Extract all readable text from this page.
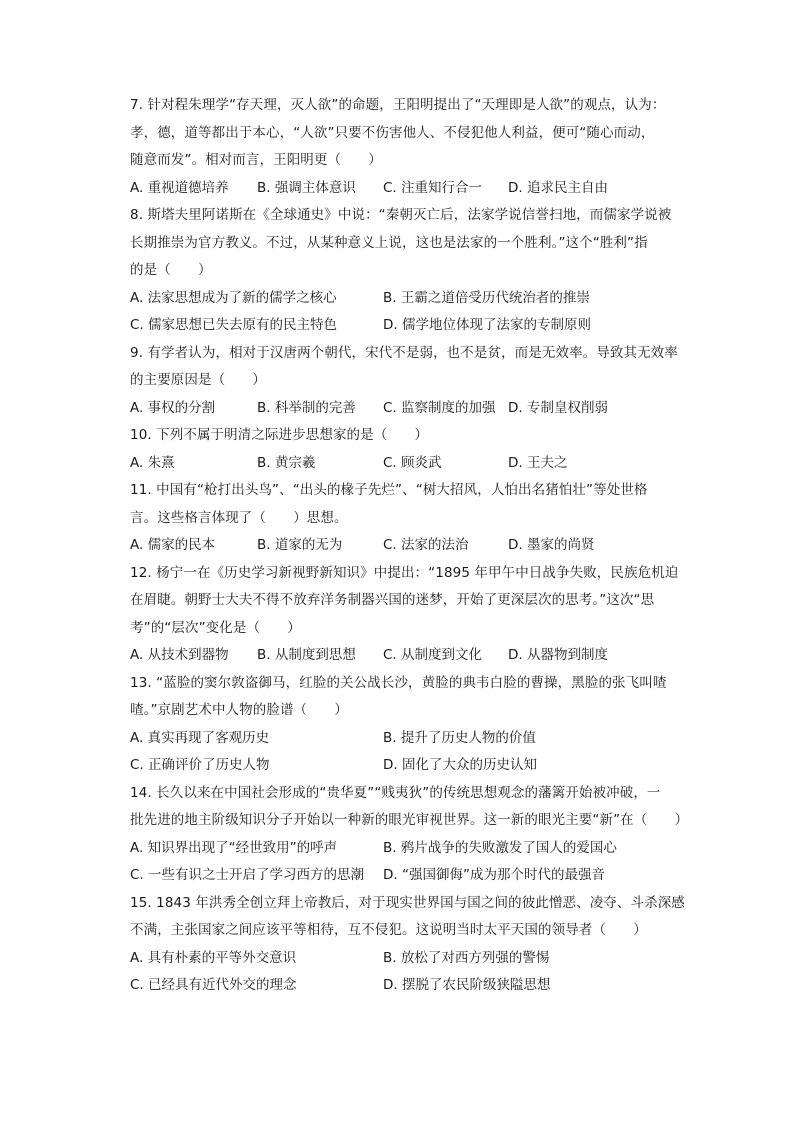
7. 针对程朱理学“存天理，灭人欲”的命题，王阳明提出了“天理即是人欲”的观点，认为：
孝，德，道等都出于本心，“人欲”只要不伤害他人、不侵犯他人利益，便可“随心而动，
随意而发”。相对而言，王阳明更（　　）
A. 重视道德培养 B. 强调主体意识 C. 注重知行合一 D. 追求民主自由
8. 斯塔夫里阿诺斯在《全球通史》中说：“秦朝灭亡后，法家学说信誉扫地，而儒家学说被
长期推崇为官方教义。不过，从某种意义上说，这也是法家的一个胜利。”这个“胜利”指
的是（　　）
A. 法家思想成为了新的儒学之核心	B. 王霸之道倍受历代统治者的推崇
C. 儒家思想已失去原有的民主特色	D. 儒学地位体现了法家的专制原则
9. 有学者认为，相对于汉唐两个朝代，宋代不是弱，也不是贫，而是无效率。导致其无效率
的主要原因是（　　）
A. 事权的分割	B. 科举制的完善 C. 监察制度的加强 D. 专制皇权削弱
10. 下列不属于明清之际进步思想家的是（　　）
A. 朱熹	B. 黄宗羲	C. 顾炎武	D. 王夫之
11. 中国有“枪打出头鸟”、“出头的椽子先烂”、“树大招风，人怕出名猪怕壮”等处世格
言。这些格言体现了（　　）思想。
A. 儒家的民本	B. 道家的无为	C. 法家的法治	D. 墨家的尚贤
12. 杨宁一在《历史学习新视野新知识》中提出：“1895 年甲午中日战争失败，民族危机迫
在眉睫。朝野士大夫不得不放弃洋务制器兴国的迷梦，开始了更深层次的思考。”这次“思
考”的“层次”变化是（　　）
A. 从技术到器物 B. 从制度到思想 C. 从制度到文化 D. 从器物到制度
13. “蓝脸的窦尔敦盗御马，红脸的关公战长沙，黄脸的典韦白脸的曹操，黑脸的张飞叫喳
喳。”京剧艺术中人物的脸谱（　　）
A. 真实再现了客观历史	B. 提升了历史人物的价值
C. 正确评价了历史人物	D. 固化了大众的历史认知
14. 长久以来在中国社会形成的“贵华夏”“贱夷狄”的传统思想观念的藩篱开始被冲破，一
批先进的地主阶级知识分子开始以一种新的眼光审视世界。这一新的眼光主要“新”在（　　）
A. 知识界出现了“经世致用”的呼声	B. 鸦片战争的失败激发了国人的爱国心
C. 一些有识之士开启了学习西方的思潮 D. “强国御侮”成为那个时代的最强音
15. 1843 年洪秀全创立拜上帝教后，对于现实世界国与国之间的彼此憎恶、凌夺、斗杀深感
不满，主张国家之间应该平等相待，互不侵犯。这说明当时太平天国的领导者（　　）
A. 具有朴素的平等外交意识	B. 放松了对西方列强的警惕
C. 已经具有近代外交的理念	D. 摆脱了农民阶级狭隘思想
